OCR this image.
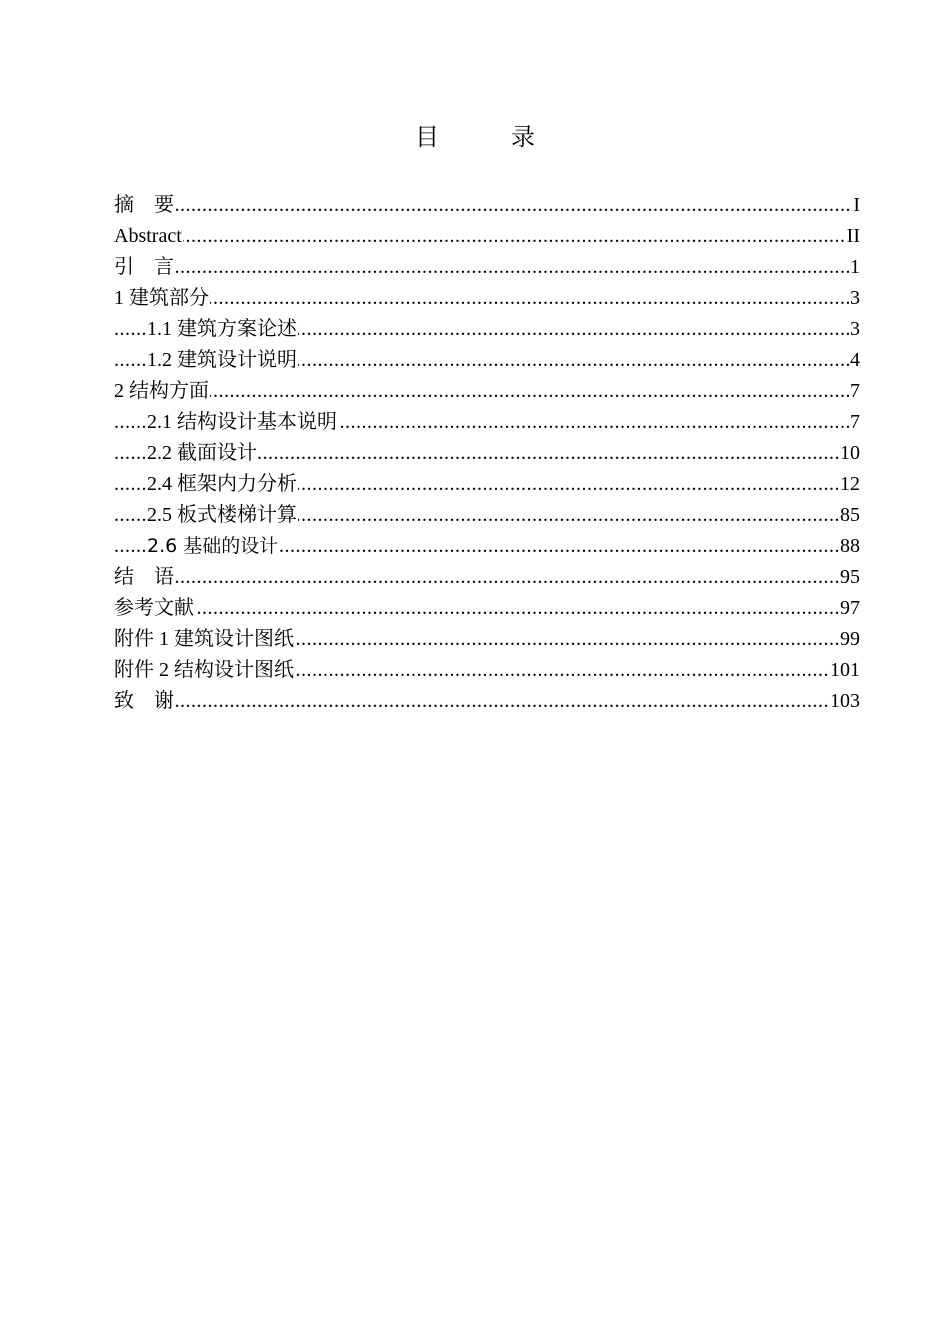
目　录
摘　要	I
.....
Abstract	II
.....
引　言	1
.....
1 建筑部分	3
.....
1.1 建筑方案论述	3
.....
1.2 建筑设计说明	4
.....
2 结构方面	7
.....
2.1 结构设计基本说明	7
.....
2.2 截面设计	10
.....
2.4 框架内力分析	12
.....
2.5 板式楼梯计算	85
.....
2.6 基础的设计	88
.....
结　语	95
.....
参考文献	97
.....
附件 1 建筑设计图纸	99
.....
附件 2 结构设计图纸	101
.....
致　谢	103
.....
